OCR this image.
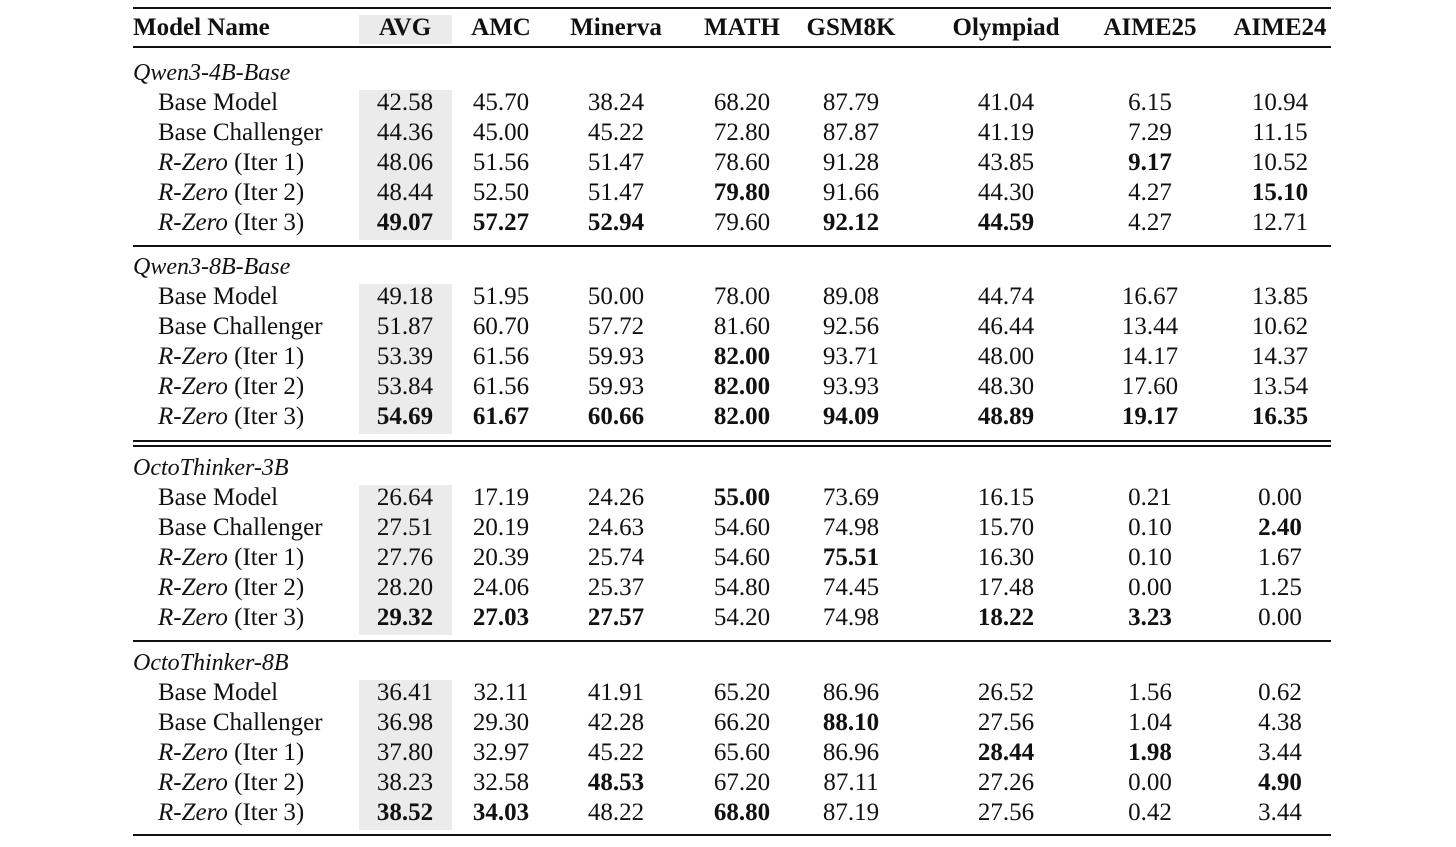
Model Name	AVG AMC Minerva MATH GSM8K Olympiad AIME25 AIME24
Qwen3-4B-Base
Base Model	42.58 45.70 38.24	68.20 87.79	41.04	6.15	10.94
Base Challenger 44.36 45.00 45.22	72.80 87.87	41.19	7.29	11.15
R-Zero (Iter 1)	48.06 51.56 51.47	78.60 91.28	43.85	9.17	10.52
R-Zero (Iter 2)	48.44 52.50 51.47	79.80 91.66	44.30	4.27	15.10
R-Zero (Iter 3)	49.07 57.27 52.94	79.60 92.12	44.59	4.27	12.71
Qwen3-8B-Base
Base Model	49.18 51.95 50.00	78.00 89.08	44.74	16.67	13.85
Base Challenger 51.87 60.70 57.72	81.60 92.56	46.44	13.44	10.62
R-Zero (Iter 1)	53.39 61.56 59.93	82.00 93.71	48.00	14.17	14.37
R-Zero (Iter 2)	53.84 61.56 59.93	82.00 93.93	48.30	17.60	13.54
R-Zero (Iter 3)	54.69 61.67 60.66	82.00 94.09	48.89	19.17	16.35
OctoThinker-3B
Base Model	26.64 17.19 24.26	55.00 73.69	16.15	0.21	0.00
Base Challenger 27.51 20.19 24.63	54.60 74.98	15.70	0.10	2.40
R-Zero (Iter 1)	27.76 20.39 25.74	54.60 75.51	16.30	0.10	1.67
R-Zero (Iter 2)	28.20 24.06 25.37	54.80 74.45	17.48	0.00	1.25
R-Zero (Iter 3)	29.32 27.03 27.57	54.20 74.98	18.22	3.23	0.00
OctoThinker-8B
Base Model	36.41 32.11 41.91	65.20 86.96	26.52	1.56	0.62
Base Challenger 36.98 29.30 42.28	66.20 88.10	27.56	1.04	4.38
R-Zero (Iter 1)	37.80 32.97 45.22	65.60 86.96	28.44	1.98	3.44
R-Zero (Iter 2)	38.23 32.58 48.53	67.20 87.11	27.26	0.00	4.90
R-Zero (Iter 3)	38.52 34.03 48.22	68.80 87.19	27.56	0.42	3.44
